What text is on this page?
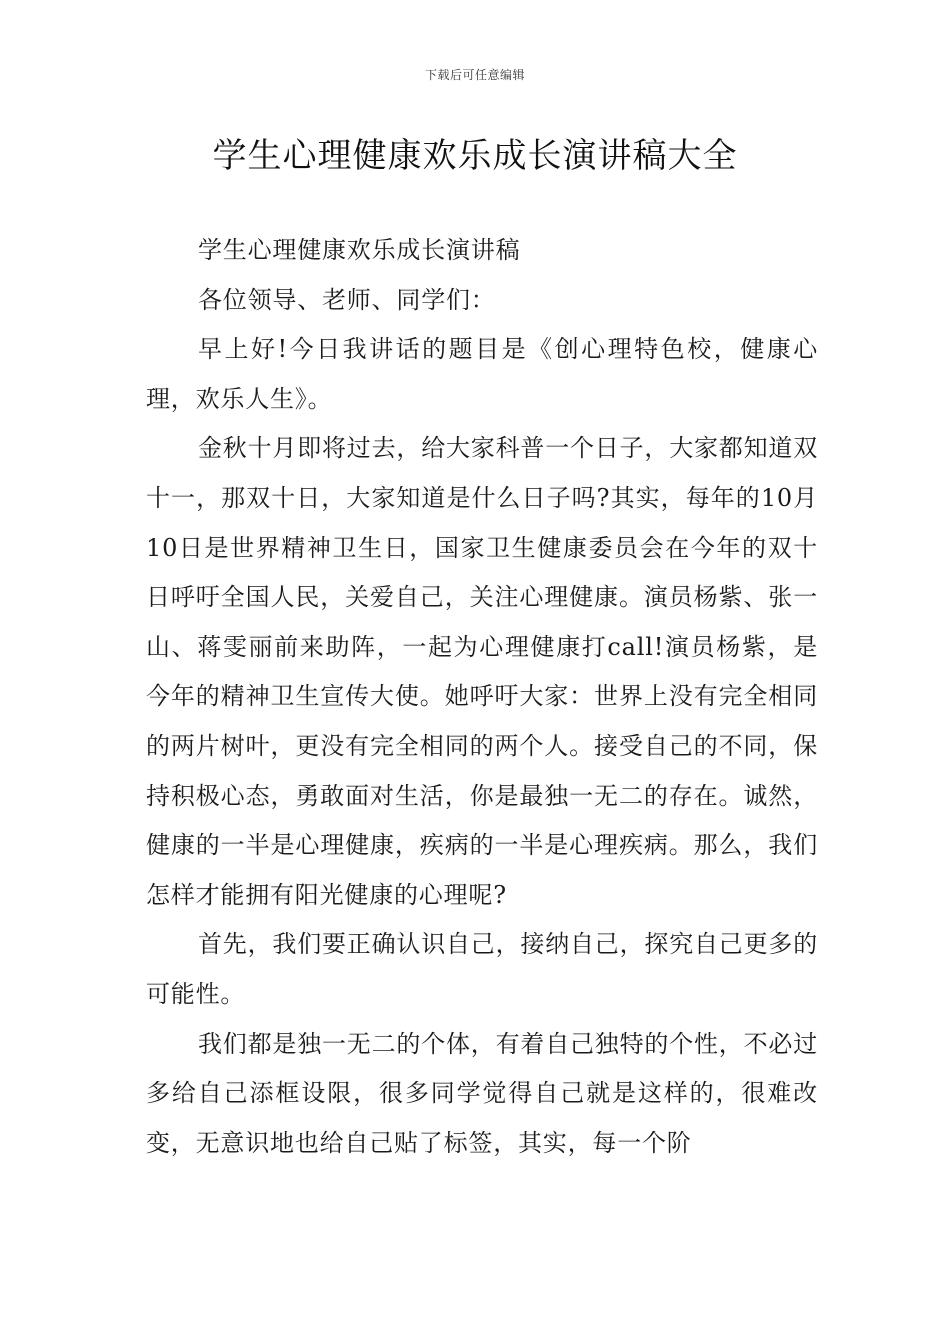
下载后可任意编辑
学生心理健康欢乐成长演讲稿大全

学生心理健康欢乐成长演讲稿

各位领导、老师、同学们：

早上好!今日我讲话的题目是《创心理特色校，健康心理，欢乐人生》。

金秋十月即将过去，给大家科普一个日子，大家都知道双十一，那双十日，大家知道是什么日子吗?其实，每年的10月10日是世界精神卫生日，国家卫生健康委员会在今年的双十日呼吁全国人民，关爱自己，关注心理健康。演员杨紫、张一山、蒋雯丽前来助阵，一起为心理健康打call!演员杨紫，是今年的精神卫生宣传大使。她呼吁大家：世界上没有完全相同的两片树叶，更没有完全相同的两个人。接受自己的不同，保持积极心态，勇敢面对生活，你是最独一无二的存在。诚然，健康的一半是心理健康，疾病的一半是心理疾病。那么，我们怎样才能拥有阳光健康的心理呢?

首先，我们要正确认识自己，接纳自己，探究自己更多的可能性。

我们都是独一无二的个体，有着自己独特的个性，不必过多给自己添框设限，很多同学觉得自己就是这样的，很难改变，无意识地也给自己贴了标签，其实，每一个阶
